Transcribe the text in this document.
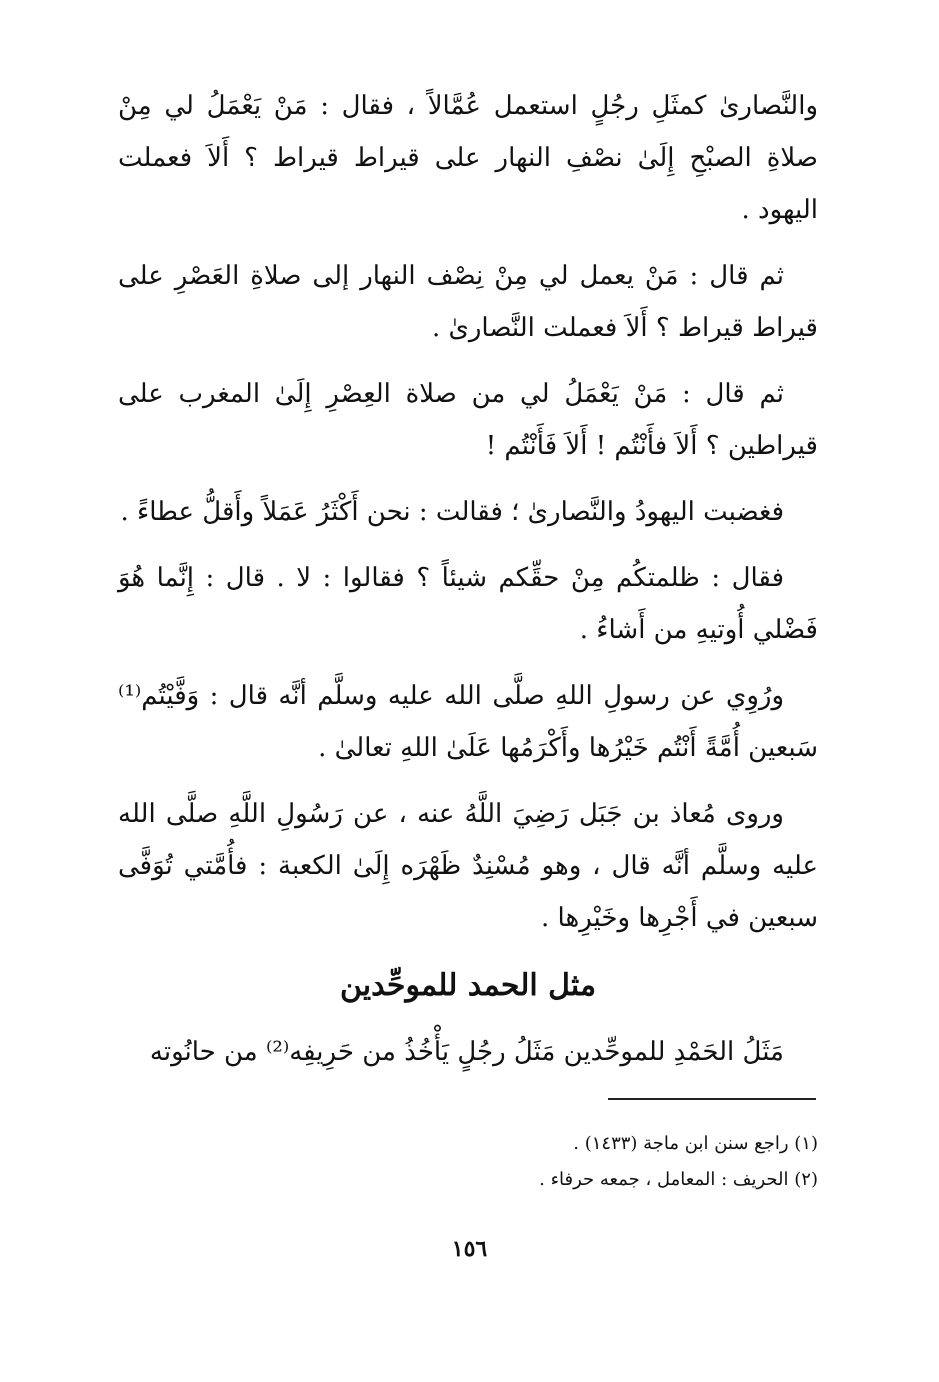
والنَّصارىٰ كمثَلِ رجُلٍ استعمل عُمَّالاً ، فقال : مَنْ يَعْمَلُ لي مِنْ صلاةِ الصبْحِ إِلَىٰ نصْفِ النهار على قيراط قيراط ؟ أَلاَ فعملت اليهود .

ثم قال : مَنْ يعمل لي مِنْ نِصْف النهار إلى صلاةِ العَصْرِ على قيراط قيراط ؟ أَلاَ فعملت النَّصارىٰ .

ثم قال : مَنْ يَعْمَلُ لي من صلاة العِصْرِ إِلَىٰ المغرب على قيراطين ؟ أَلاَ فأَنْتُم ! أَلاَ فَأَنْتُم !

فغضبت اليهودُ والنَّصارىٰ ؛ فقالت : نحن أَكْثَرُ عَمَلاً وأَقلُّ عطاءً .

فقال : ظلمتكُم مِنْ حقِّكم شيئاً ؟ فقالوا : لا . قال : إِنَّما هُوَ فَضْلي أُوتيهِ من أَشاءُ .

ورُوِي عن رسولِ اللهِ صلَّى الله عليه وسلَّم أنَّه قال : وَفَّيْتُم⁽¹⁾ سَبعين أُمَّةً أَنْتُم خَيْرُها وأَكْرَمُها عَلَىٰ اللهِ تعالىٰ .

وروى مُعاذ بن جَبَل رَضِيَ اللَّهُ عنه ، عن رَسُولِ اللَّهِ صلَّى الله عليه وسلَّم أنَّه قال ، وهو مُسْنِدٌ ظَهْرَه إِلَىٰ الكعبة : فأُمَّتي تُوَفَّى سبعين في أَجْرِها وخَيْرِها .

مثل الحمد للموحِّدين

مَثَلُ الحَمْدِ للموحِّدين مَثَلُ رجُلٍ يَأْخُذُ من حَرِيفِه⁽²⁾ من حانُوته

(١) راجع سنن ابن ماجة (١٤٣٣) .

(٢) الحريف : المعامل ، جمعه حرفاء .

١٥٦
